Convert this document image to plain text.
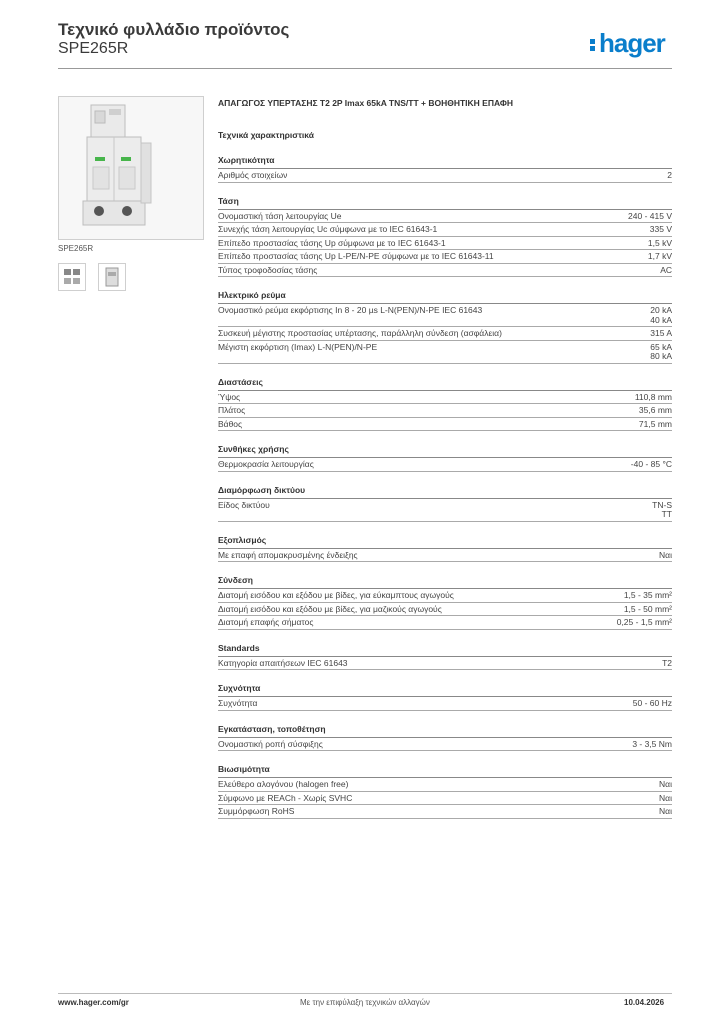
Τεχνικό φυλλάδιο προϊόντος
SPE265R	hager
SPE265R
ΑΠΑΓΩΓΟΣ ΥΠΕΡΤΑΣΗΣ Τ2 2P Imax 65kA TNS/TT + ΒΟΗΘΗΤΙΚΗ ΕΠΑΦΗ
Τεχνικά χαρακτηριστικά
Χωρητικότητα
Αριθμός στοιχείων	2
Τάση
Ονομαστική τάση λειτουργίας Ue	240 - 415 V
Συνεχής τάση λειτουργίας Uc σύμφωνα με το IEC 61643-1	335 V
Επίπεδο προστασίας τάσης Up σύμφωνα με το IEC 61643-1	1,5 kV
Επίπεδο προστασίας τάσης Up L-PE/N-PE σύμφωνα με το IEC 61643-11	1,7 kV
Τύπος τροφοδοσίας τάσης	AC
Ηλεκτρικό ρεύμα
Ονομαστικό ρεύμα εκφόρτισης In 8 - 20 µs L-N(PEN)/N-PE IEC 61643	20 kA
40 kA
Συσκευή μέγιστης προστασίας υπέρτασης, παράλληλη σύνδεση (ασφάλεια)	315 A
Μέγιστη εκφόρτιση (Imax) L-N(PEN)/N-PE	65 kA
80 kA
Διαστάσεις
Ύψος	110,8 mm
Πλάτος	35,6 mm
Βάθος	71,5 mm
Συνθήκες χρήσης
Θερμοκρασία λειτουργίας	-40 - 85 °C
Διαμόρφωση δικτύου
Είδος δικτύου	TN-S
TT
Εξοπλισμός
Με επαφή απομακρυσμένης ένδειξης	Ναι
Σύνδεση
Διατομή εισόδου και εξόδου με βίδες, για εύκαμπτους αγωγούς	1,5 - 35 mm²
Διατομή εισόδου και εξόδου με βίδες, για μαζικούς αγωγούς	1,5 - 50 mm²
Διατομή επαφής σήματος	0,25 - 1,5 mm²
Standards
Κατηγορία απαιτήσεων IEC 61643	T2
Συχνότητα
Συχνότητα	50 - 60 Hz
Εγκατάσταση, τοποθέτηση
Ονομαστική ροπή σύσφιξης	3 - 3,5 Nm
Βιωσιμότητα
Ελεύθερο αλογόνου (halogen free)	Ναι
Σύμφωνο με REACh - Χωρίς SVHC	Ναι
Συμμόρφωση RoHS	Ναι
www.hager.com/gr	Με την επιφύλαξη τεχνικών αλλαγών	10.04.2026
